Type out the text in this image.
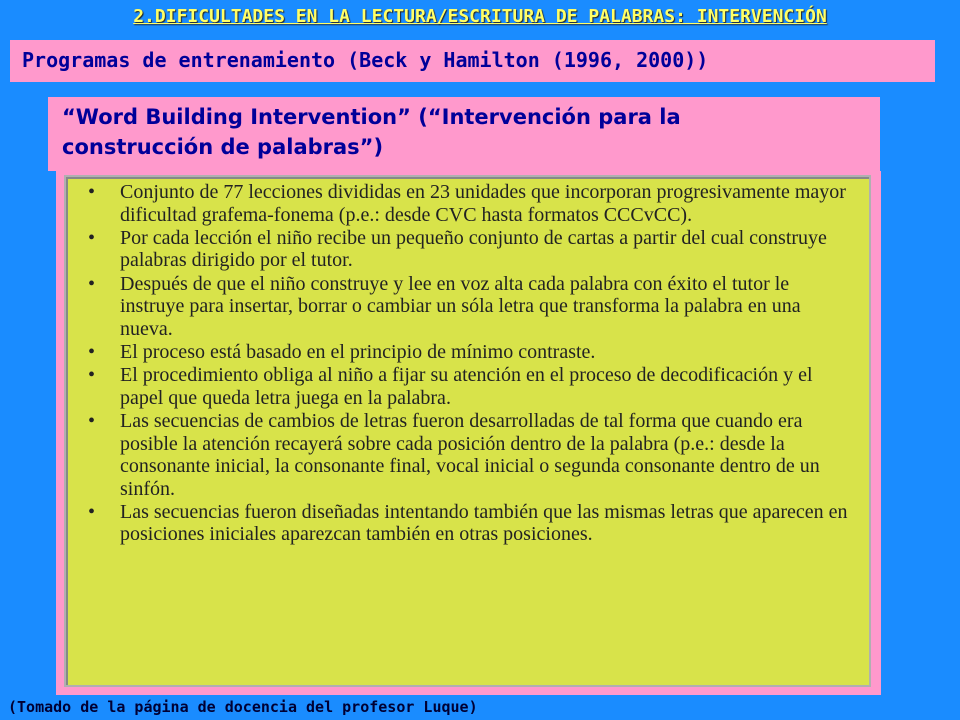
2.DIFICULTADES EN LA LECTURA/ESCRITURA DE PALABRAS: INTERVENCIÓN
Programas de entrenamiento (Beck y Hamilton (1996, 2000))
“Word Building Intervention” (“Intervención para la
construcción de palabras”)
• Conjunto de 77 lecciones divididas en 23 unidades que incorporan progresivamente mayor dificultad grafema-fonema (p.e.: desde CVC hasta formatos CCCvCC).
• Por cada lección el niño recibe un pequeño conjunto de cartas a partir del cual construye palabras dirigido por el tutor.
• Después de que el niño construye y lee en voz alta cada palabra con éxito el tutor le instruye para insertar, borrar o cambiar un sóla letra que transforma la palabra en una nueva.
• El proceso está basado en el principio de mínimo contraste.
• El procedimiento obliga al niño a fijar su atención en el proceso de decodificación y el papel que queda letra juega en la palabra.
• Las secuencias de cambios de letras fueron desarrolladas de tal forma que cuando era posible la atención recayerá sobre cada posición dentro de la palabra (p.e.: desde la consonante inicial, la consonante final, vocal inicial o segunda consonante dentro de un sinfón.
• Las secuencias fueron diseñadas intentando también que las mismas letras que aparecen en posiciones iniciales aparezcan también en otras posiciones.
(Tomado de la página de docencia del profesor Luque)
